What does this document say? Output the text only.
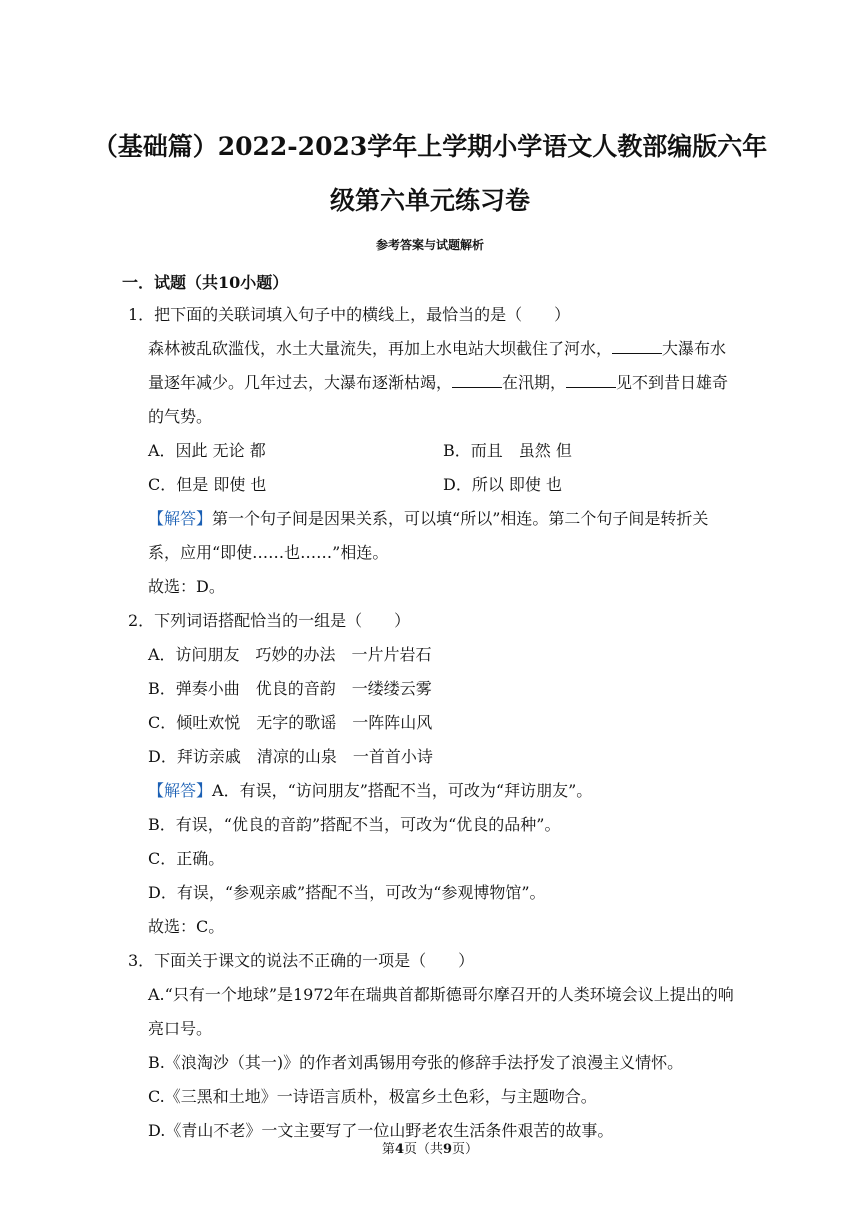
（基础篇）2022-2023学年上学期小学语文人教部编版六年级第六单元练习卷
参考答案与试题解析
一．试题（共10小题）

1．把下面的关联词填入句子中的横线上，最恰当的是（　　）

森林被乱砍滥伐，水土大量流失，再加上水电站大坝截住了河水，	大瀑布水量逐年减少。几年过去，大瀑布逐渐枯竭，	在汛期，	见不到昔日雄奇的气势。

A．因此 无论 都	B．而且　虽然 但
C．但是 即使 也	D．所以 即使 也

【解答】第一个句子间是因果关系，可以填“所以”相连。第二个句子间是转折关系，应用“即使……也……”相连。

故选：D。

2．下列词语搭配恰当的一组是（　　）

A．访问朋友　巧妙的办法　一片片岩石

B．弹奏小曲　优良的音韵　一缕缕云雾

C．倾吐欢悦　无字的歌谣　一阵阵山风

D．拜访亲戚　清凉的山泉　一首首小诗

【解答】A．有误，“访问朋友”搭配不当，可改为“拜访朋友”。

B．有误，“优良的音韵”搭配不当，可改为“优良的品种”。

C．正确。

D．有误，“参观亲戚”搭配不当，可改为“参观博物馆”。

故选：C。

3．下面关于课文的说法不正确的一项是（　　）

A.“只有一个地球”是1972年在瑞典首都斯德哥尔摩召开的人类环境会议上提出的响亮口号。

B.《浪淘沙（其一)》的作者刘禹锡用夸张的修辞手法抒发了浪漫主义情怀。

C.《三黑和土地》一诗语言质朴，极富乡土色彩，与主题吻合。

D.《青山不老》一文主要写了一位山野老农生活条件艰苦的故事。

第4页（共9页）
